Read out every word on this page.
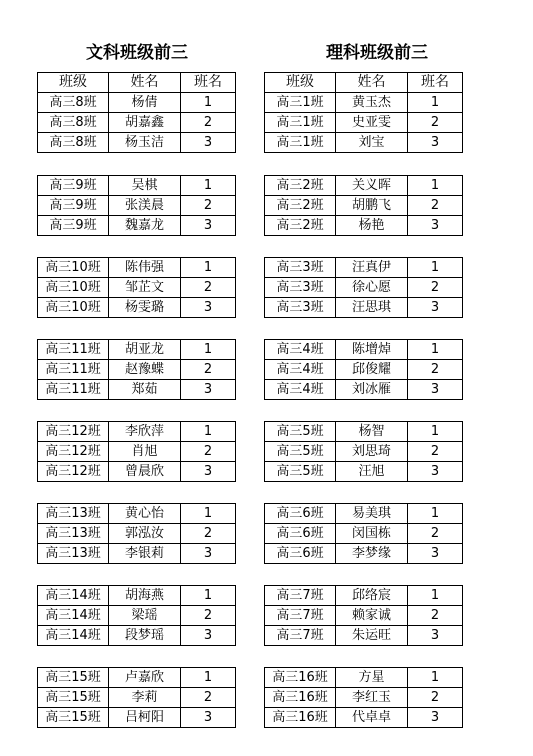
文科班级前三
班级	姓名	班名
高三8班	杨倩	1
高三8班	胡嘉鑫	2
高三8班	杨玉洁	3
高三9班	吴棋	1
高三9班	张渼晨	2
高三9班	魏嘉龙	3
高三10班	陈伟强	1
高三10班	邹芷文	2
高三10班	杨雯璐	3
高三11班	胡亚龙	1
高三11班	赵豫蝶	2
高三11班	郑茹	3
高三12班	李欣萍	1
高三12班	肖旭	2
高三12班	曾晨欣	3
高三13班	黄心怡	1
高三13班	郭泓汝	2
高三13班	李银莉	3
高三14班	胡海燕	1
高三14班	梁瑶	2
高三14班	段梦瑶	3
高三15班	卢嘉欣	1
高三15班	李莉	2
高三15班	吕柯阳	3
理科班级前三
班级	姓名	班名
高三1班	黄玉杰	1
高三1班	史亚雯	2
高三1班	刘宝	3
高三2班	关义晖	1
高三2班	胡鹏飞	2
高三2班	杨艳	3
高三3班	汪真伊	1
高三3班	徐心愿	2
高三3班	汪思琪	3
高三4班	陈增焯	1
高三4班	邱俊耀	2
高三4班	刘冰雁	3
高三5班	杨智	1
高三5班	刘思琦	2
高三5班	汪旭	3
高三6班	易美琪	1
高三6班	闵国栋	2
高三6班	李梦缘	3
高三7班	邱络宸	1
高三7班	赖家诚	2
高三7班	朱运旺	3
高三16班	方星	1
高三16班	李红玉	2
高三16班	代卓卓	3
